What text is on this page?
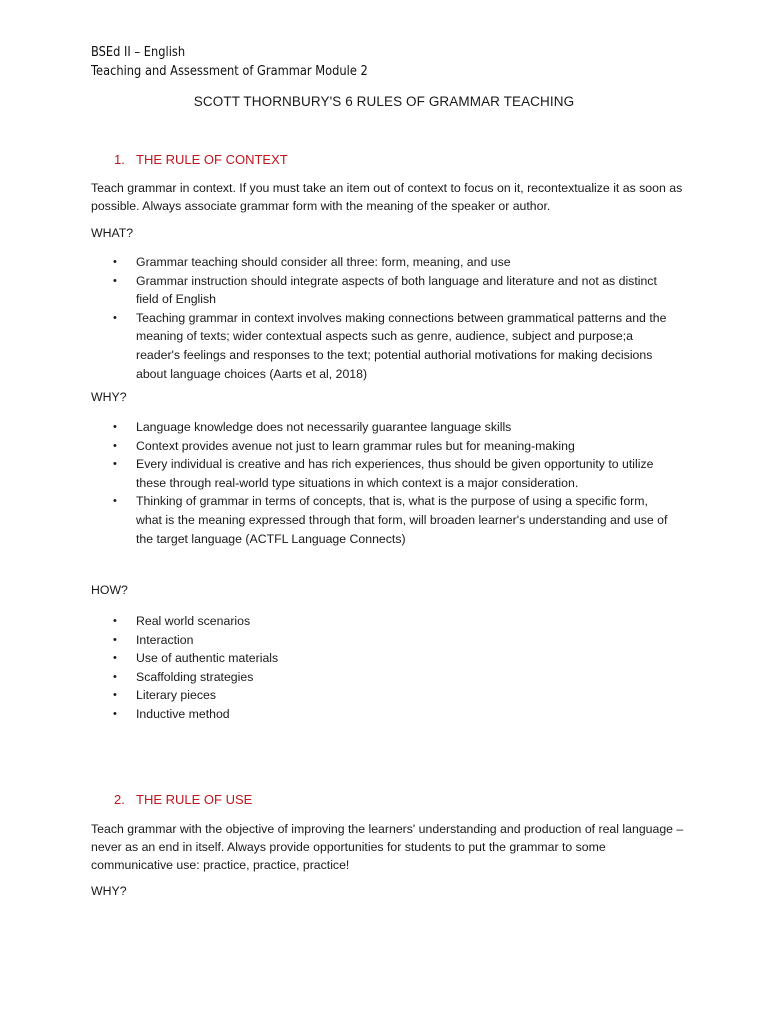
BSEd II – English
Teaching and Assessment of Grammar Module 2
SCOTT THORNBURY'S 6 RULES OF GRAMMAR TEACHING
1. THE RULE OF CONTEXT
Teach grammar in context. If you must take an item out of context to focus on it, recontextualize it as soon as possible. Always associate grammar form with the meaning of the speaker or author.
WHAT?
• Grammar teaching should consider all three: form, meaning, and use
• Grammar instruction should integrate aspects of both language and literature and not as distinct field of English
• Teaching grammar in context involves making connections between grammatical patterns and the meaning of texts; wider contextual aspects such as genre, audience, subject and purpose;a reader's feelings and responses to the text; potential authorial motivations for making decisions about language choices (Aarts et al, 2018)
WHY?
• Language knowledge does not necessarily guarantee language skills
• Context provides avenue not just to learn grammar rules but for meaning-making
• Every individual is creative and has rich experiences, thus should be given opportunity to utilize these through real-world type situations in which context is a major consideration.
• Thinking of grammar in terms of concepts, that is, what is the purpose of using a specific form, what is the meaning expressed through that form, will broaden learner's understanding and use of the target language (ACTFL Language Connects)
HOW?
• Real world scenarios
• Interaction
• Use of authentic materials
• Scaffolding strategies
• Literary pieces
• Inductive method
2. THE RULE OF USE
Teach grammar with the objective of improving the learners' understanding and production of real language – never as an end in itself. Always provide opportunities for students to put the grammar to some communicative use: practice, practice, practice!
WHY?
